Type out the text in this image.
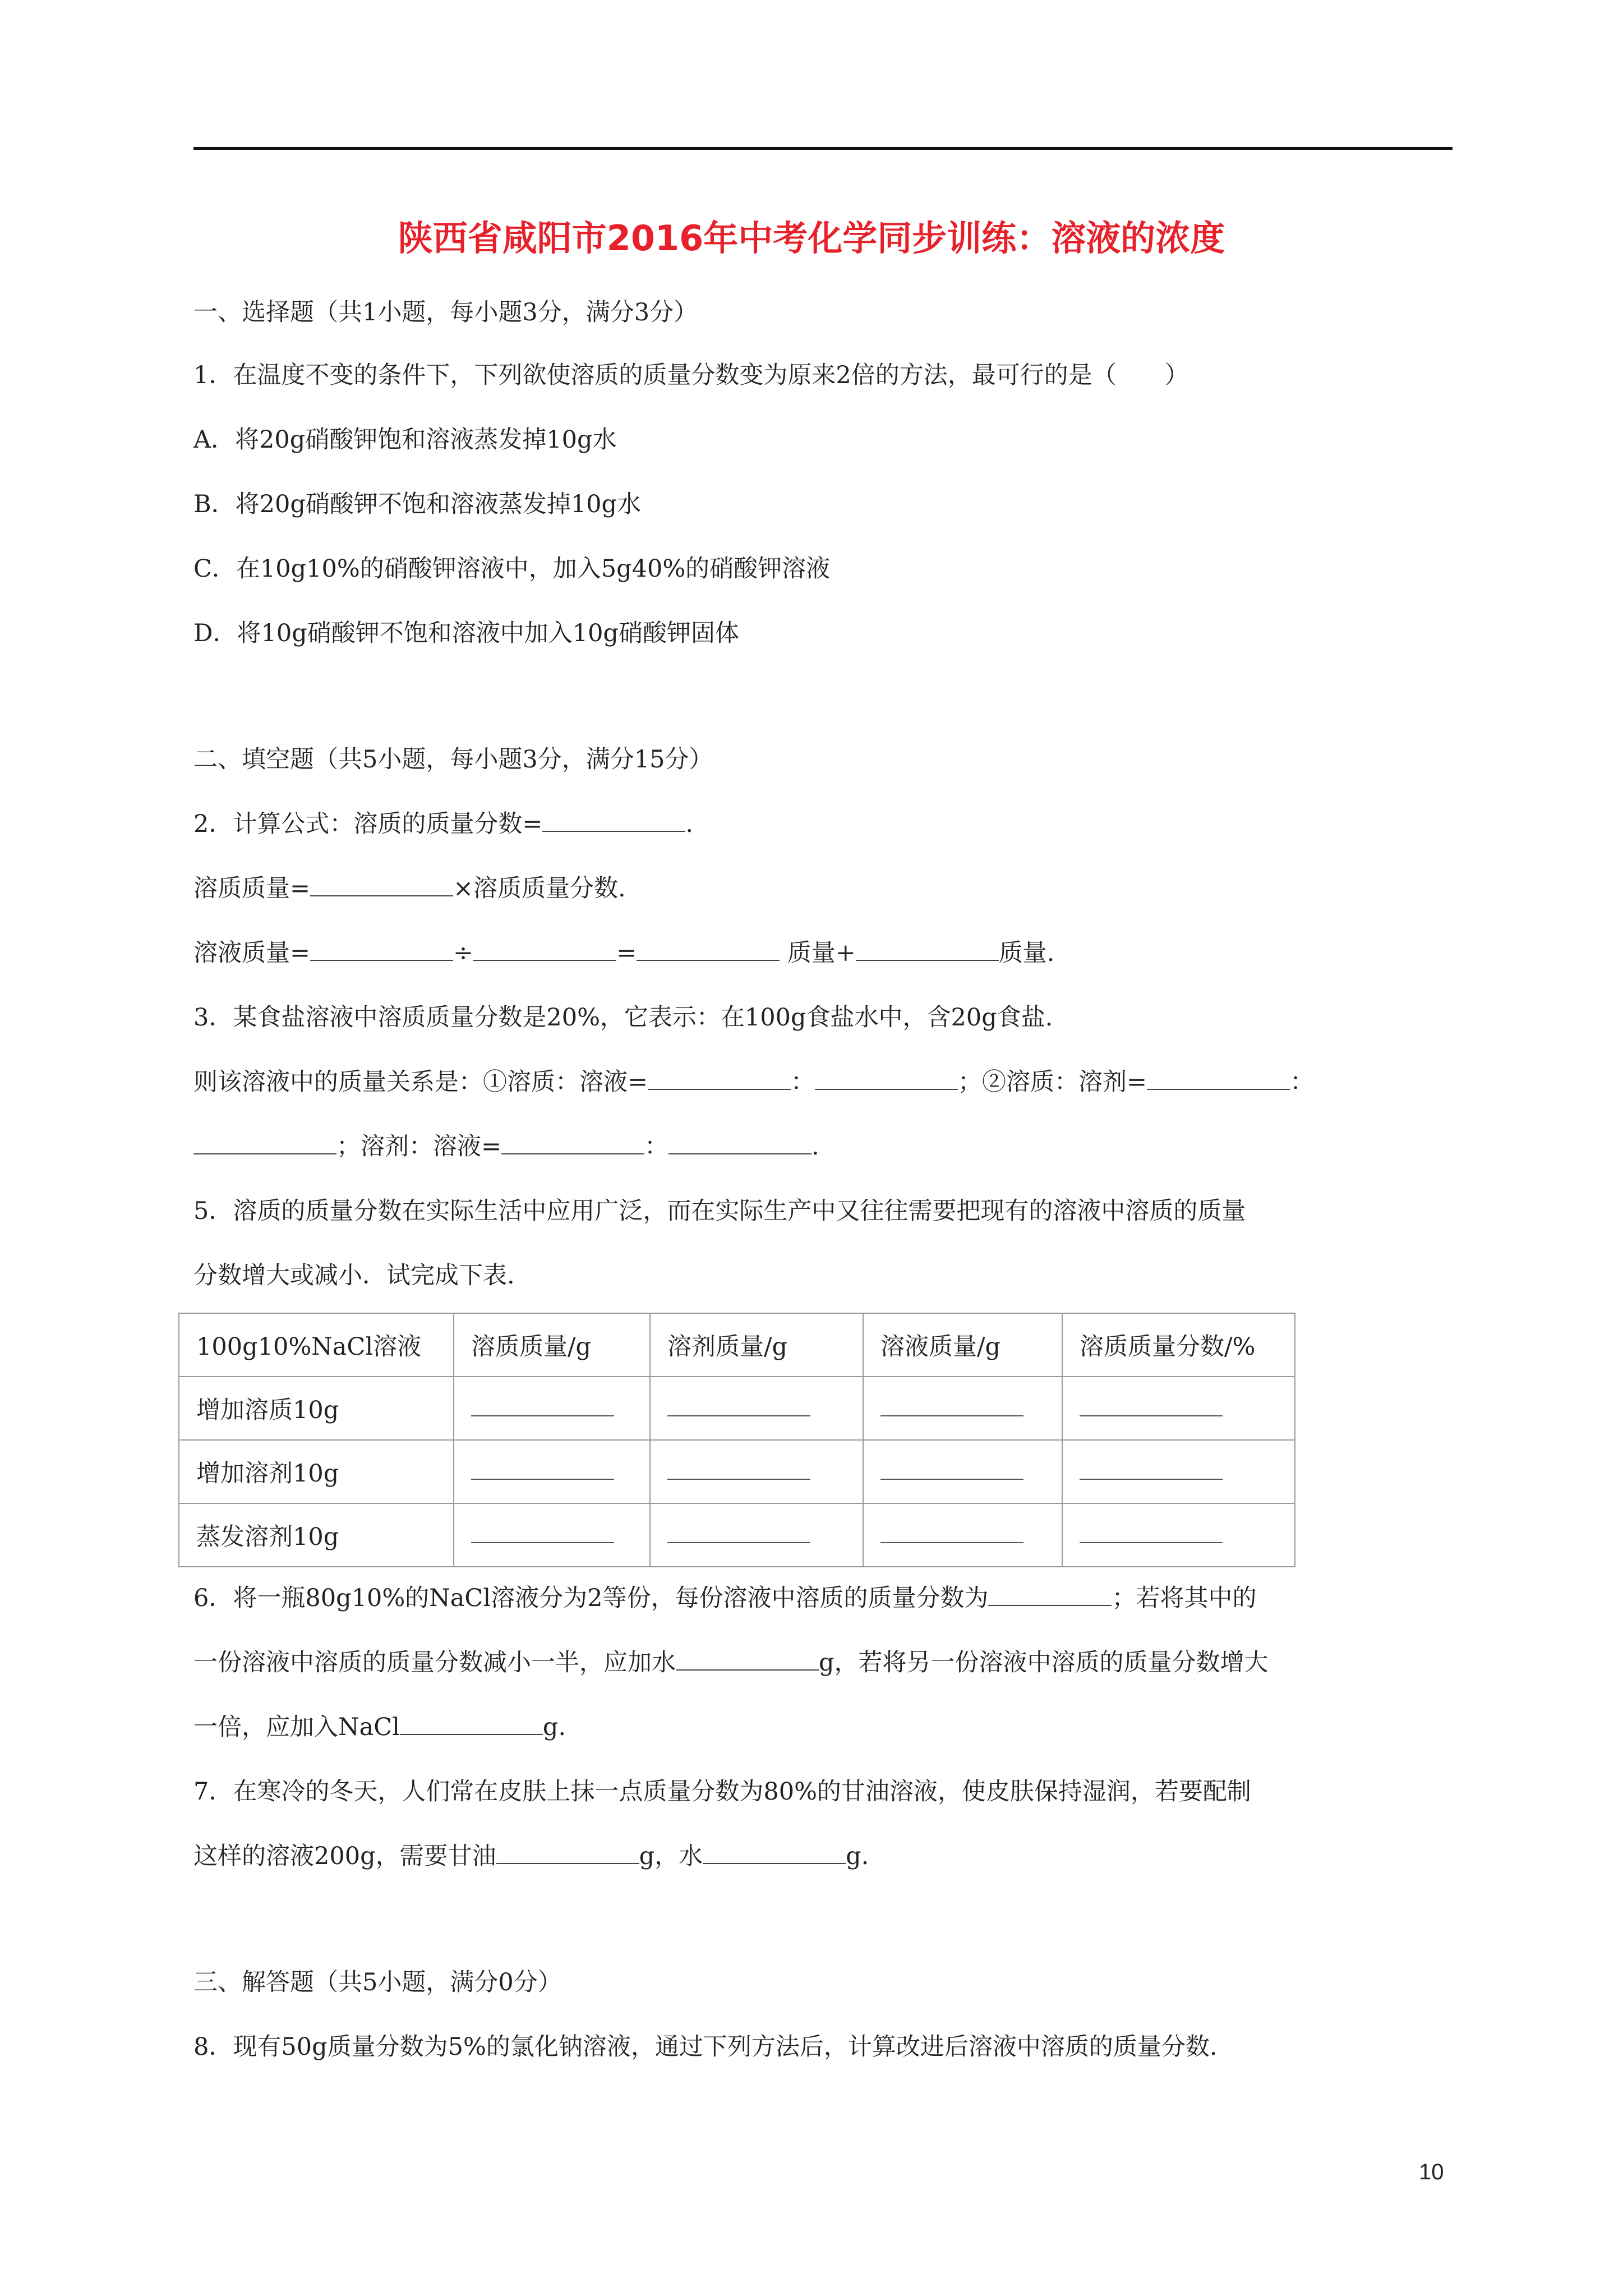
陕西省咸阳市2016年中考化学同步训练：溶液的浓度
一、选择题（共1小题，每小题3分，满分3分）
1．在温度不变的条件下，下列欲使溶质的质量分数变为原来2倍的方法，最可行的是（　　）
A．将20g硝酸钾饱和溶液蒸发掉10g水
B．将20g硝酸钾不饱和溶液蒸发掉10g水
C．在10g10%的硝酸钾溶液中，加入5g40%的硝酸钾溶液
D．将10g硝酸钾不饱和溶液中加入10g硝酸钾固体
二、填空题（共5小题，每小题3分，满分15分）
2．计算公式：溶质的质量分数=	.
溶质质量=	×溶质质量分数.
溶液质量=	÷	=	质量+	质量.
3．某食盐溶液中溶质质量分数是20%，它表示：在100g食盐水中，含20g食盐.
则该溶液中的质量关系是：①溶质：溶液=	：	；②溶质：溶剂=	：
；溶剂：溶液=	：	.
5．溶质的质量分数在实际生活中应用广泛，而在实际生产中又往往需要把现有的溶液中溶质的质量
分数增大或减小．试完成下表.
100g10%NaCl溶液	溶质质量/g	溶剂质量/g	溶液质量/g	溶质质量分数/%
增加溶质10g				
增加溶剂10g				
蒸发溶剂10g				
6．将一瓶80g10%的NaCl溶液分为2等份，每份溶液中溶质的质量分数为	；若将其中的
一份溶液中溶质的质量分数减小一半，应加水	g，若将另一份溶液中溶质的质量分数增大
一倍，应加入NaCl	g.
7．在寒冷的冬天，人们常在皮肤上抹一点质量分数为80%的甘油溶液，使皮肤保持湿润，若要配制
这样的溶液200g，需要甘油	g，水	g.
三、解答题（共5小题，满分0分）
8．现有50g质量分数为5%的氯化钠溶液，通过下列方法后，计算改进后溶液中溶质的质量分数.
10
